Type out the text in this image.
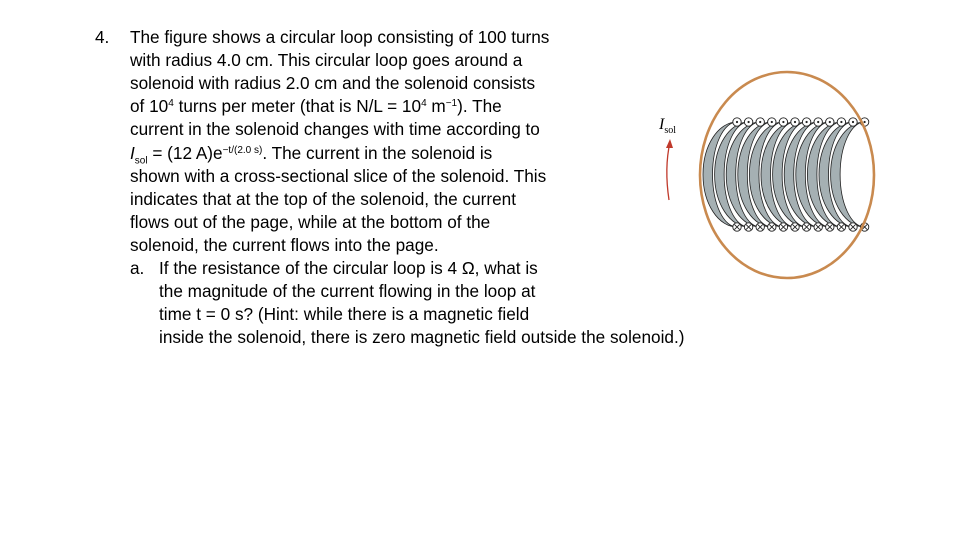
4.	The figure shows a circular loop consisting of 100 turns
with radius 4.0 cm. This circular loop goes around a
solenoid with radius 2.0 cm and the solenoid consists
of $10^4$ turns per meter (that is $N/L = 10^4$ $m^{-1}$). The
current in the solenoid changes with time according to
$I_{sol} = (12$ $A)e^{-t/(2.0 s)}$. The current in the solenoid is
shown with a cross-sectional slice of the solenoid. This
indicates that at the top of the solenoid, the current
flows out of the page, while at the bottom of the
solenoid, the current flows into the page.
a. If the resistance of the circular loop is 4 Ω, what is
the magnitude of the current flowing in the loop at
time t = 0 s? (Hint: while there is a magnetic field
inside the solenoid, there is zero magnetic field outside the solenoid.)
$I_{sol}$
